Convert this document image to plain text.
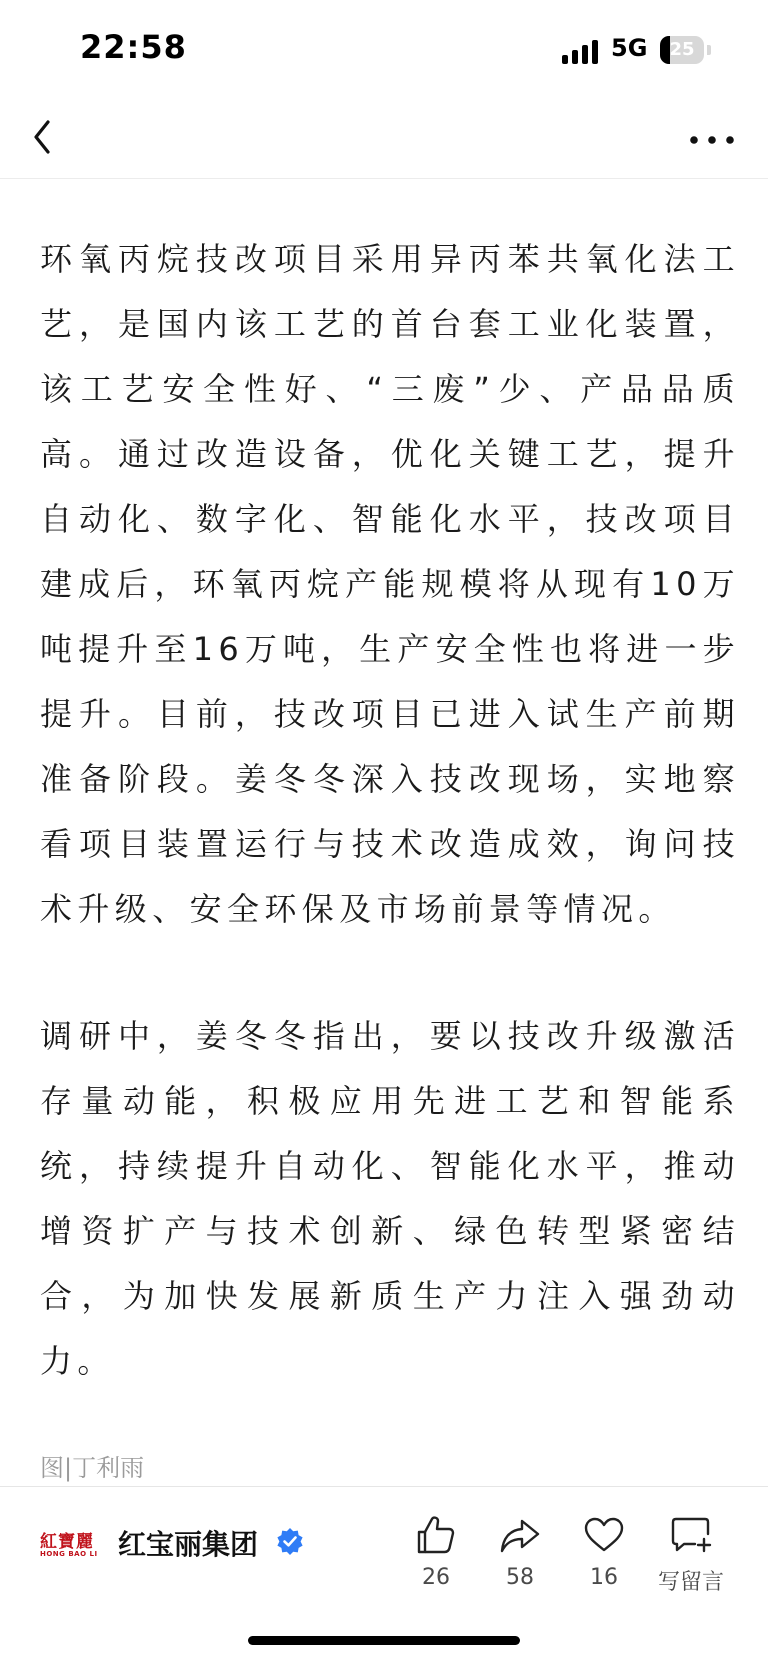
22:58	5G	25

环氧丙烷技改项目采用异丙苯共氧化法工艺，是国内该工艺的首台套工业化装置，该工艺安全性好、“三废”少、产品品质高。通过改造设备，优化关键工艺，提升自动化、数字化、智能化水平，技改项目建成后，环氧丙烷产能规模将从现有10万吨提升至16万吨，生产安全性也将进一步提升。目前，技改项目已进入试生产前期准备阶段。姜冬冬深入技改现场，实地察看项目装置运行与技术改造成效，询问技术升级、安全环保及市场前景等情况。

调研中，姜冬冬指出，要以技改升级激活存量动能，积极应用先进工艺和智能系统，持续提升自动化、智能化水平，推动增资扩产与技术创新、绿色转型紧密结合，为加快发展新质生产力注入强劲动力。

图|丁利雨
紅寶麗
HONG BAO LI 红宝丽集团
26	58	16	写留言
